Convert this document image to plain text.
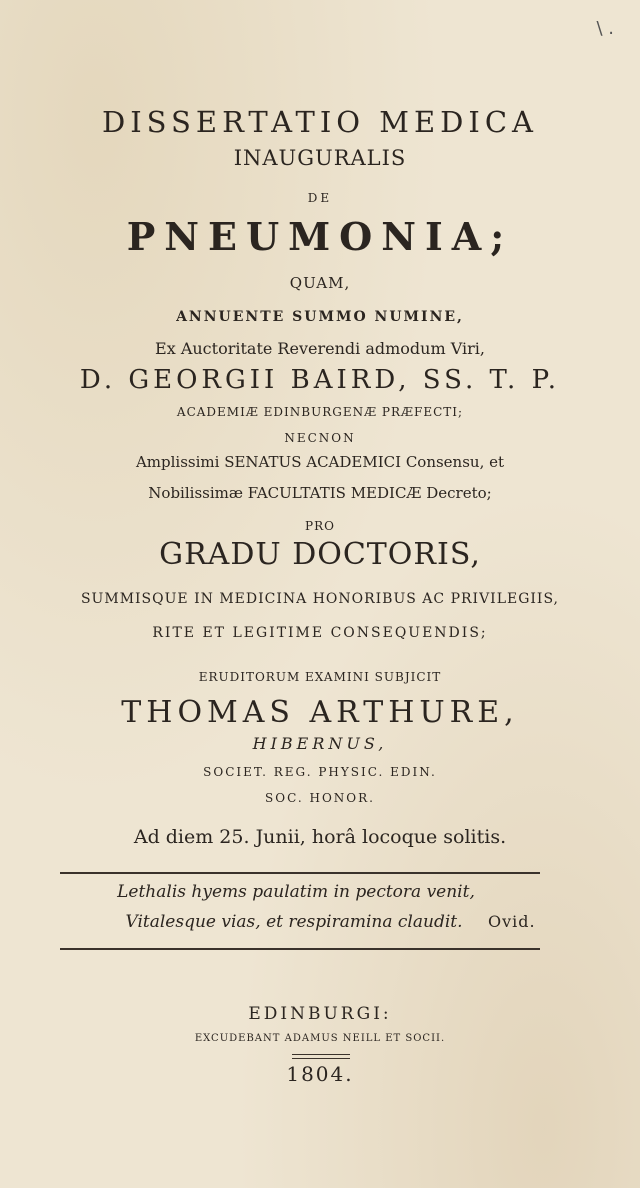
\ .
DISSERTATIO MEDICA
INAUGURALIS
DE
PNEUMONIA;
QUAM,
ANNUENTE SUMMO NUMINE,
Ex Auctoritate Reverendi admodum Viri,
D. GEORGII BAIRD, SS. T. P.
ACADEMIÆ EDINBURGENÆ PRÆFECTI;
NECNON
Amplissimi SENATUS ACADEMICI Consensu, et
Nobilissimæ FACULTATIS MEDICÆ Decreto;
PRO
GRADU DOCTORIS,
SUMMISQUE IN MEDICINA HONORIBUS AC PRIVILEGIIS,
RITE ET LEGITIME CONSEQUENDIS;
ERUDITORUM EXAMINI SUBJICIT
THOMAS ARTHURE,
HIBERNUS,
SOCIET. REG. PHYSIC. EDIN.
SOC. HONOR.
Ad diem 25. Junii, horâ locoque solitis.
Lethalis hyems paulatim in pectora venit,
Vitalesque vias, et respiramina claudit.	Ovid.
EDINBURGI:
EXCUDEBANT ADAMUS NEILL ET SOCII.
1804.
